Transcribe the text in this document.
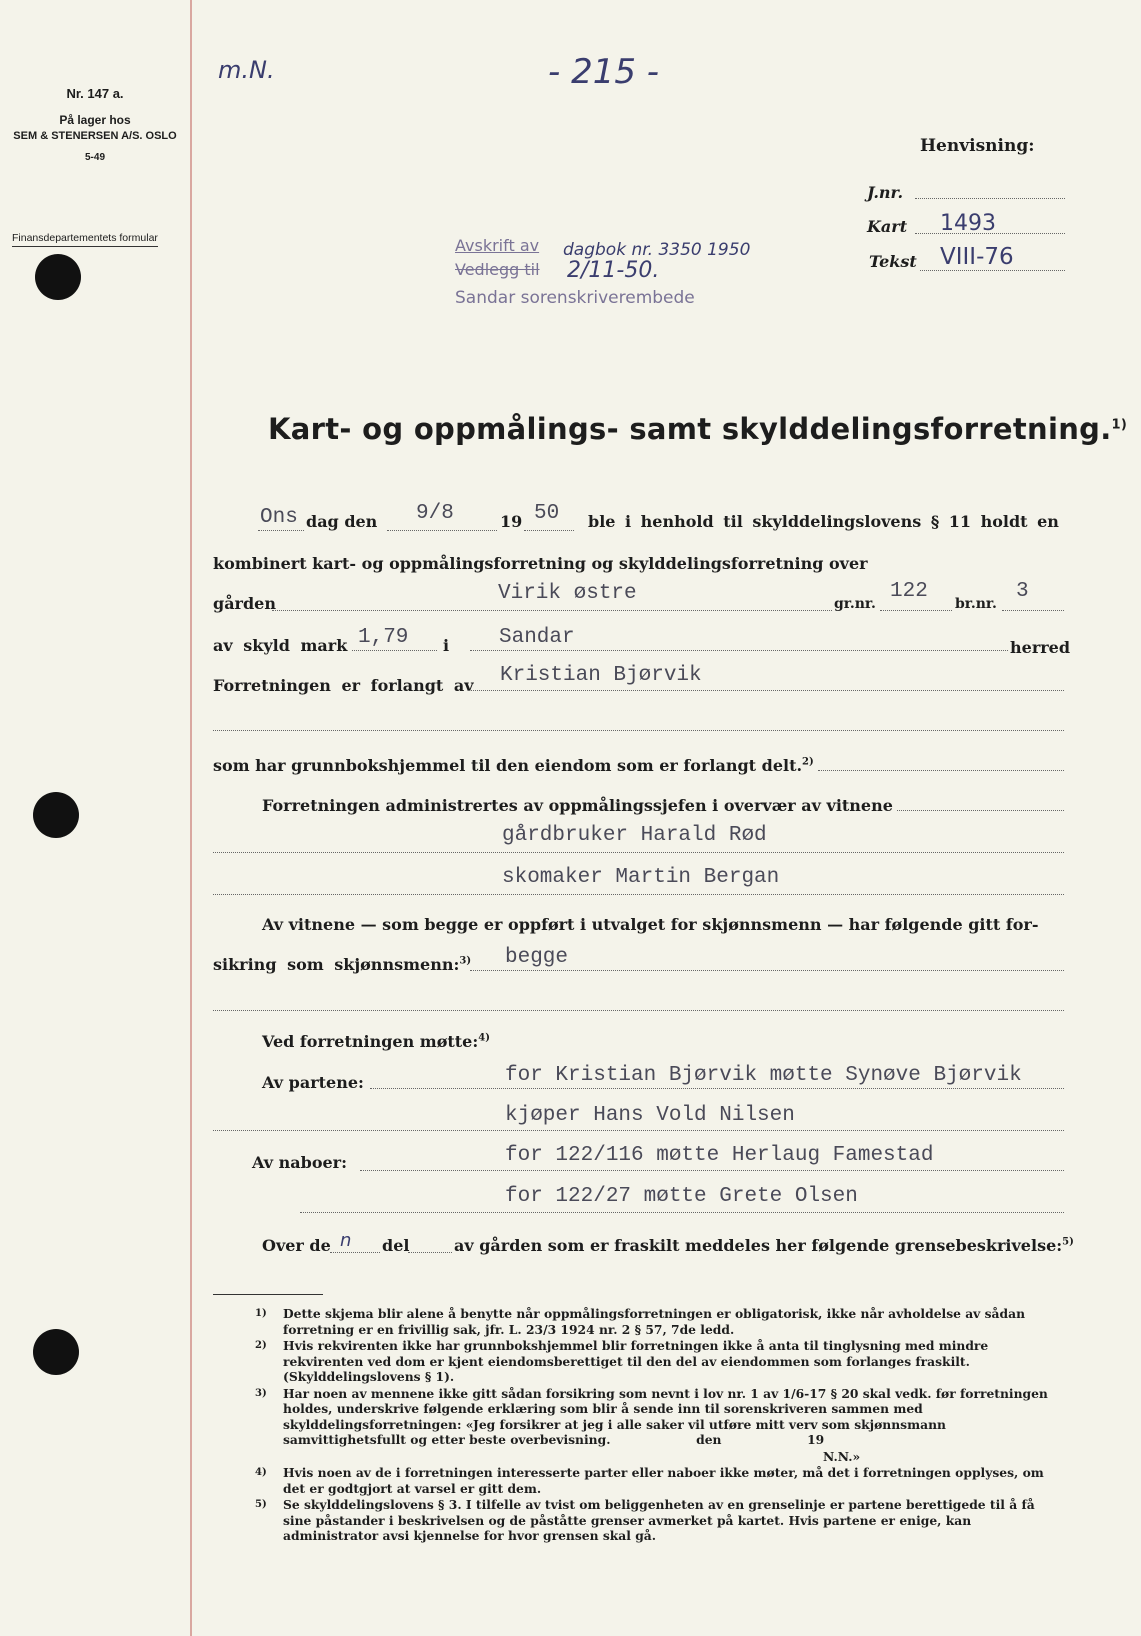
Nr. 147 a.
På lager hos
SEM & STENERSEN A/S. OSLO
5-49
Finansdepartementets formular
m.N.	- 215 -
Henvisning:
J.nr.
Kart 1493
Tekst VIII-76
Avskrift av dagbok nr. 3350 1950
Vedlegg til 2/11-50.
Sandar sorenskriverembede
Kart- og oppmålings- samt skylddelingsforretning.$^{1)}$
Ons dag den 9/8	19 50 ble i henhold til skylddelingslovens § 11 holdt en
kombinert kart- og oppmålingsforretning og skylddelingsforretning over
gården	Virik østre	gr.nr.
122
br.nr.
3
av skyld mark 1,79 i Sandar	herred
Forretningen er forlangt av Kristian Bjørvik
som har grunnbokshjemmel til den eiendom som er forlangt delt.$^{2)}$
Forretningen administrertes av oppmålingssjefen i overvær av vitnene
gårdbruker Harald Rød
skomaker Martin Bergan
Av vitnene — som begge er oppført i utvalget for skjønnsmenn — har følgende gitt for-
sikring som skjønnsmenn:$^{3)}$ begge
Ved forretningen møtte:$^{4)}$
Av partene:	for Kristian Bjørvik møtte Synøve Bjørvik
kjøper Hans Vold Nilsen
Av naboer:	for 122/116 møtte Herlaug Famestad
for 122/27 møtte Grete Olsen
Over de n del	av gården som er fraskilt meddeles her følgende grensebeskrivelse:$^{5)}$
1)	Dette skjema blir alene å benytte når oppmålingsforretningen er obligatorisk, ikke når avholdelse av sådan forretning er en frivillig sak, jfr. L. 23/3 1924 nr. 2 § 57, 7de ledd.
2)	Hvis rekvirenten ikke har grunnbokshjemmel blir forretningen ikke å anta til tinglysning med mindre rekvirenten ved dom er kjent eiendomsberettiget til den del av eiendommen som forlanges fraskilt. (Skylddelingslovens § 1).
3)	Har noen av mennene ikke gitt sådan forsikring som nevnt i lov nr. 1 av 1/6-17 § 20 skal vedk. før forretningen holdes, underskrive følgende erklæring som blir å sende inn til sorenskriveren sammen med skylddelingsforretningen: «Jeg forsikrer at jeg i alle saker vil utføre mitt verv som skjønnsmann samvittighetsfullt og etter beste overbevisning.                    den                    19
N.N.»
4)	Hvis noen av de i forretningen interesserte parter eller naboer ikke møter, må det i forretningen opplyses, om det er godtgjort at varsel er gitt dem.
5)	Se skylddelingslovens § 3. I tilfelle av tvist om beliggenheten av en grenselinje er partene berettigede til å få sine påstander i beskrivelsen og de påståtte grenser avmerket på kartet. Hvis partene er enige, kan administrator avsi kjennelse for hvor grensen skal gå.
